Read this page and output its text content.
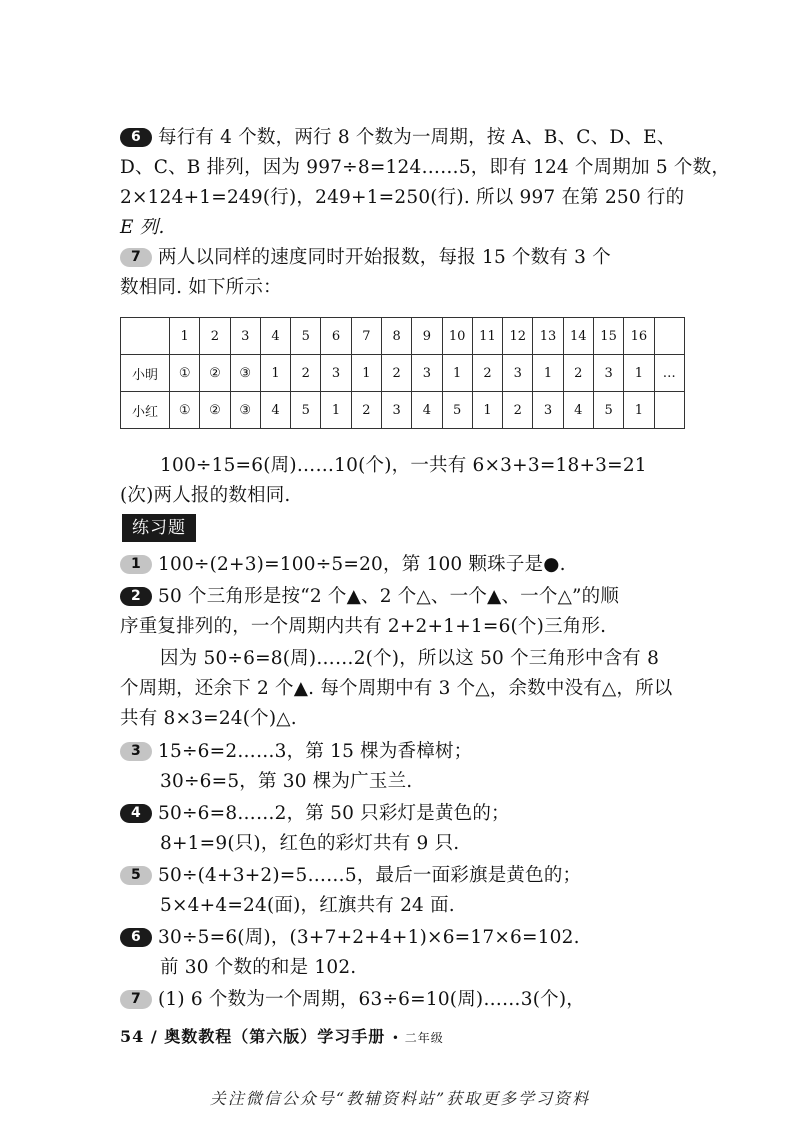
6 每行有 4 个数，两行 8 个数为一周期，按 A、B、C、D、E、
D、C、B 排列，因为 997÷8=124……5，即有 124 个周期加 5 个数，
2×124+1=249(行)，249+1=250(行). 所以 997 在第 250 行的
E 列.
7 两人以同样的速度同时开始报数，每报 15 个数有 3 个
数相同. 如下所示：
	1	2	3	4	5	6	7	8	9	10	11	12	13	14	15	16	
小明	①	②	③	1	2	3	1	2	3	1	2	3	1	2	3	1	…
小红	①	②	③	4	5	1	2	3	4	5	1	2	3	4	5	1	
100÷15=6(周)……10(个)，一共有 6×3+3=18+3=21
(次)两人报的数相同.
练习题
1 100÷(2+3)=100÷5=20，第 100 颗珠子是●.
2 50 个三角形是按“2 个▲、2 个△、一个▲、一个△”的顺
序重复排列的，一个周期内共有 2+2+1+1=6(个)三角形.
因为 50÷6=8(周)……2(个)，所以这 50 个三角形中含有 8
个周期，还余下 2 个▲. 每个周期中有 3 个△，余数中没有△，所以
共有 8×3=24(个)△.
3 15÷6=2……3，第 15 棵为香樟树；
30÷6=5，第 30 棵为广玉兰.
4 50÷6=8……2，第 50 只彩灯是黄色的；
8+1=9(只)，红色的彩灯共有 9 只.
5 50÷(4+3+2)=5……5，最后一面彩旗是黄色的；
5×4+4=24(面)，红旗共有 24 面.
6 30÷5=6(周)，(3+7+2+4+1)×6=17×6=102.
前 30 个数的和是 102.
7 (1) 6 个数为一个周期，63÷6=10(周)……3(个)，
54 / 奥数教程（第六版）学习手册 • 二年级
关注微信公众号“教辅资料站”获取更多学习资料
